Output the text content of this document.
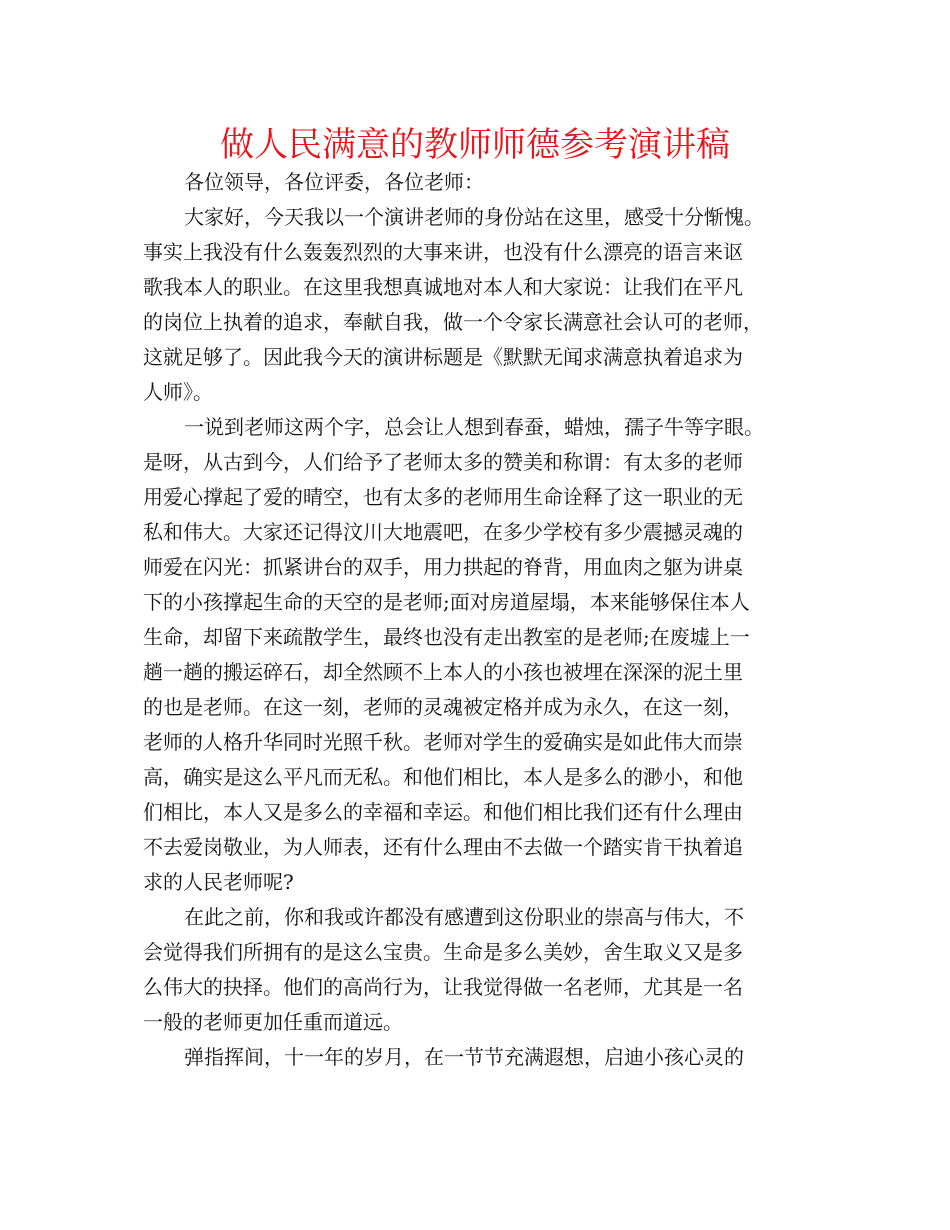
做人民满意的教师师德参考演讲稿
各位领导，各位评委，各位老师：
大家好，今天我以一个演讲老师的身份站在这里，感受十分惭愧。
事实上我没有什么轰轰烈烈的大事来讲，也没有什么漂亮的语言来讴
歌我本人的职业。在这里我想真诚地对本人和大家说：让我们在平凡
的岗位上执着的追求，奉献自我，做一个令家长满意社会认可的老师，
这就足够了。因此我今天的演讲标题是《默默无闻求满意执着追求为
人师》。
一说到老师这两个字，总会让人想到春蚕，蜡烛，孺子牛等字眼。
是呀，从古到今，人们给予了老师太多的赞美和称谓：有太多的老师
用爱心撑起了爱的晴空，也有太多的老师用生命诠释了这一职业的无
私和伟大。大家还记得汶川大地震吧，在多少学校有多少震撼灵魂的
师爱在闪光：抓紧讲台的双手，用力拱起的脊背，用血肉之躯为讲桌
下的小孩撑起生命的天空的是老师;面对房道屋塌，本来能够保住本人
生命，却留下来疏散学生，最终也没有走出教室的是老师;在废墟上一
趟一趟的搬运碎石，却全然顾不上本人的小孩也被埋在深深的泥土里
的也是老师。在这一刻，老师的灵魂被定格并成为永久，在这一刻，
老师的人格升华同时光照千秋。老师对学生的爱确实是如此伟大而崇
高，确实是这么平凡而无私。和他们相比，本人是多么的渺小，和他
们相比，本人又是多么的幸福和幸运。和他们相比我们还有什么理由
不去爱岗敬业，为人师表，还有什么理由不去做一个踏实肯干执着追
求的人民老师呢?
在此之前，你和我或许都没有感遭到这份职业的崇高与伟大，不
会觉得我们所拥有的是这么宝贵。生命是多么美妙，舍生取义又是多
么伟大的抉择。他们的高尚行为，让我觉得做一名老师，尤其是一名
一般的老师更加任重而道远。
弹指挥间，十一年的岁月，在一节节充满遐想，启迪小孩心灵的
